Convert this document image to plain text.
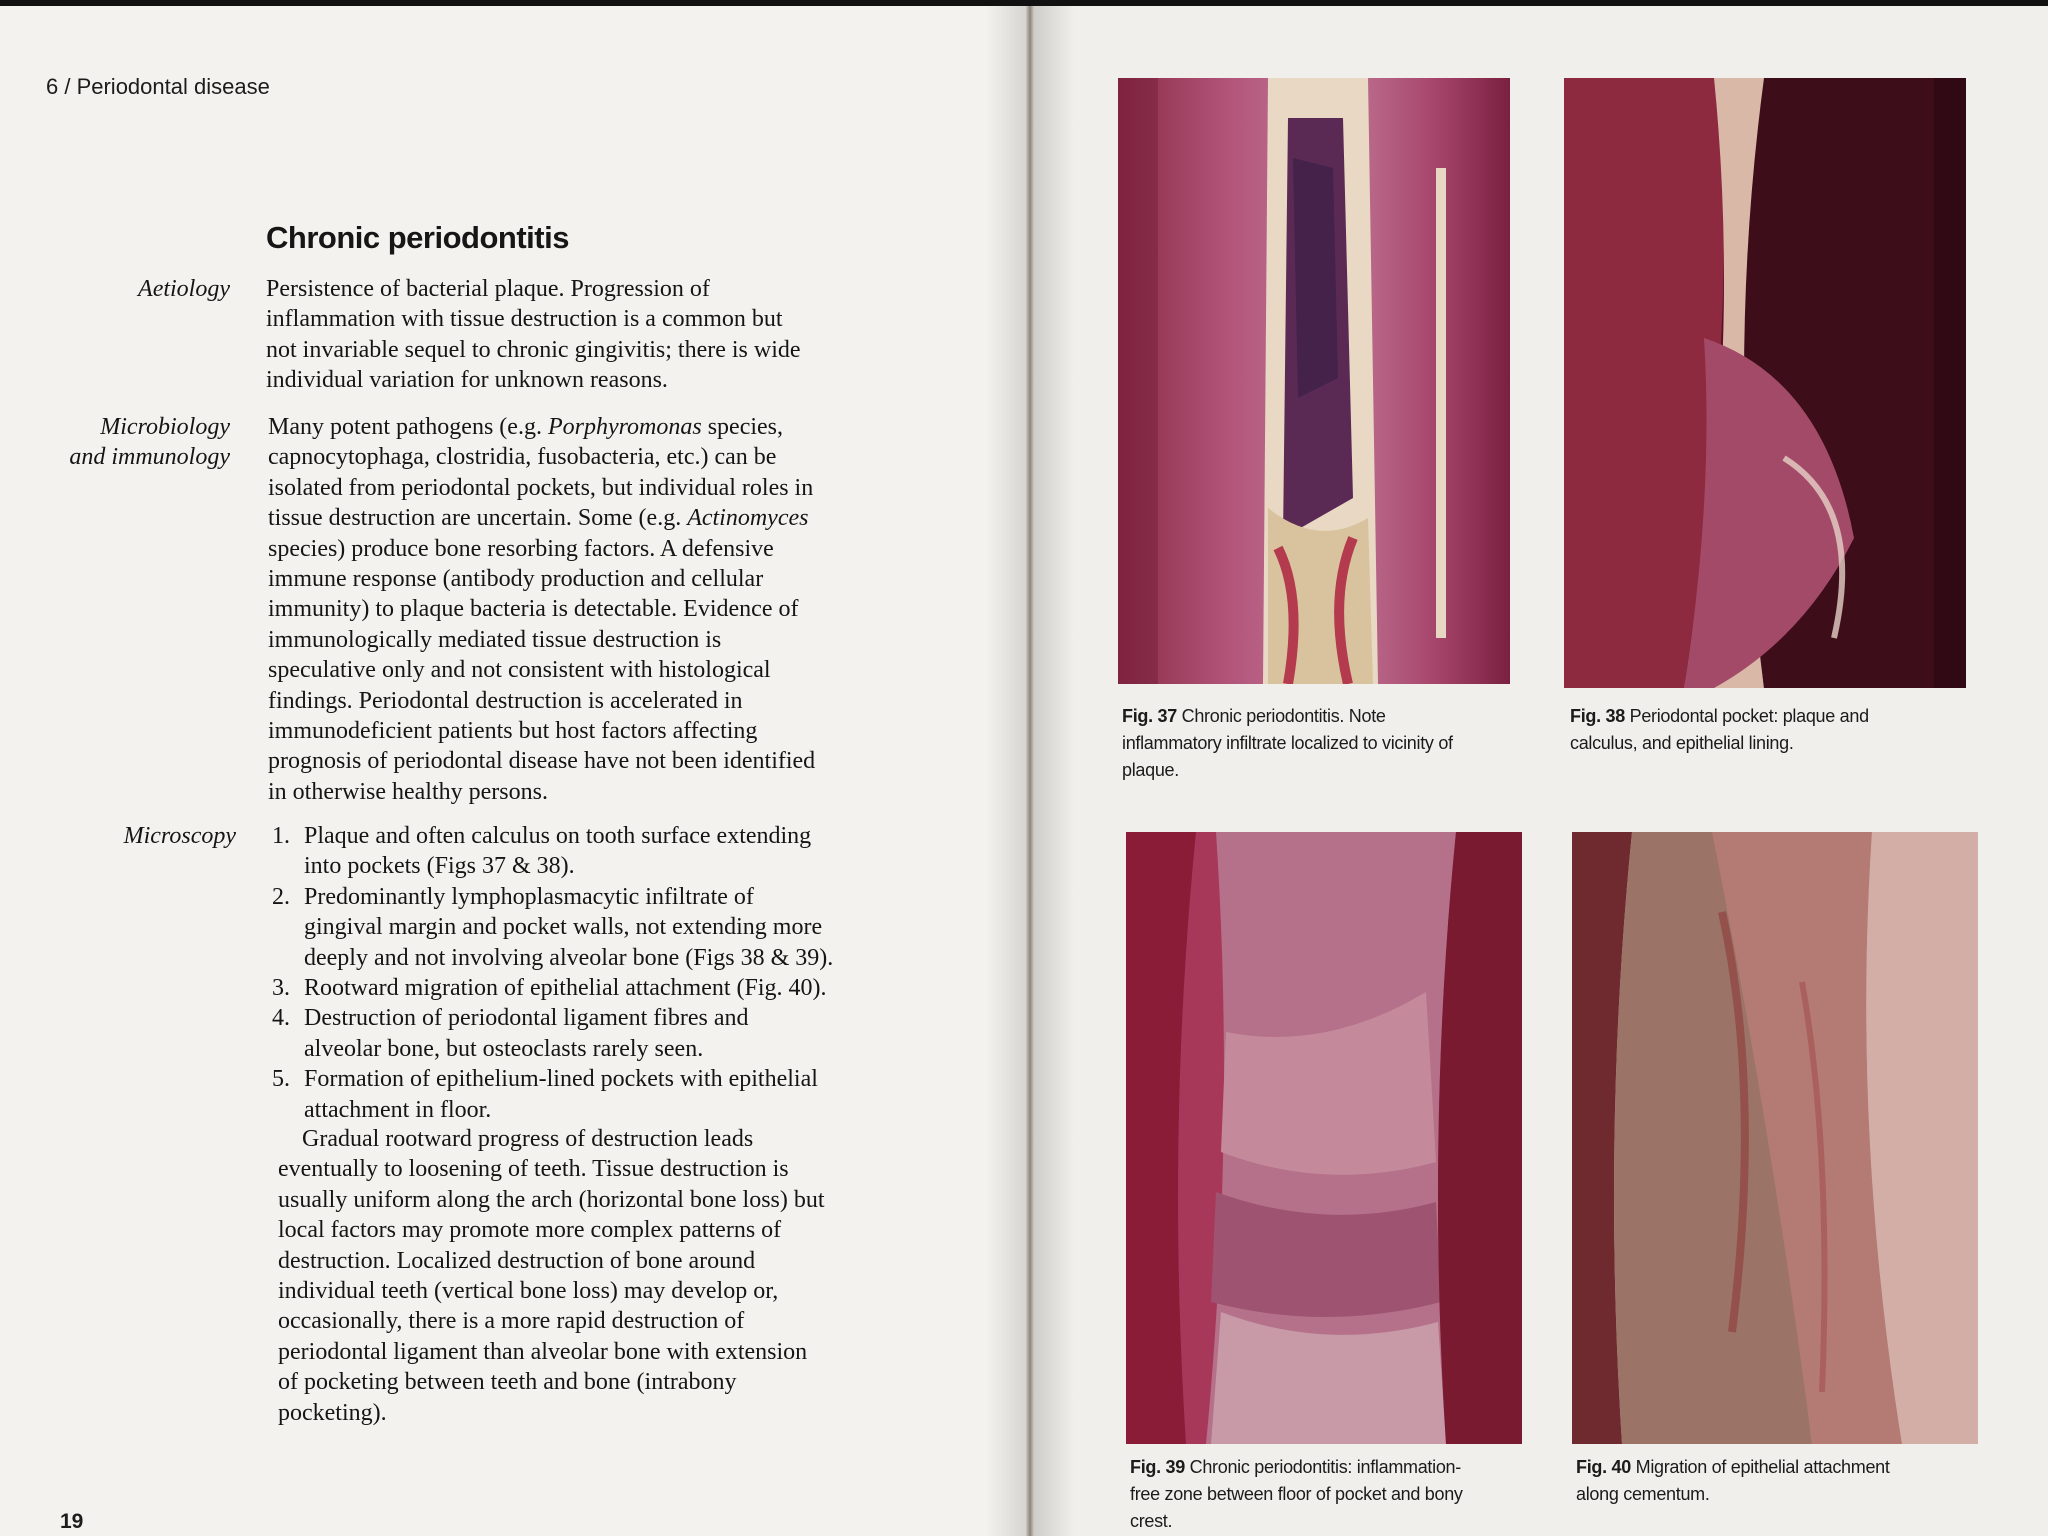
6 / Periodontal disease
Chronic periodontitis
Aetiology Persistence of bacterial plaque. Progression of
inflammation with tissue destruction is a common but
not invariable sequel to chronic gingivitis; there is wide
individual variation for unknown reasons.
Microbiology
and immunology
Many potent pathogens (e.g. Porphyromonas species,
capnocytophaga, clostridia, fusobacteria, etc.) can be
isolated from periodontal pockets, but individual roles in
tissue destruction are uncertain. Some (e.g. Actinomyces
species) produce bone resorbing factors. A defensive
immune response (antibody production and cellular
immunity) to plaque bacteria is detectable. Evidence of
immunologically mediated tissue destruction is
speculative only and not consistent with histological
findings. Periodontal destruction is accelerated in
immunodeficient patients but host factors affecting
prognosis of periodontal disease have not been identified
in otherwise healthy persons.
Microscopy 1. Plaque and often calculus on tooth surface extending
into pockets (Figs 37 & 38).
2. Predominantly lymphoplasmacytic infiltrate of
gingival margin and pocket walls, not extending more
deeply and not involving alveolar bone (Figs 38 & 39).
3. Rootward migration of epithelial attachment (Fig. 40).
4. Destruction of periodontal ligament fibres and
alveolar bone, but osteoclasts rarely seen.
5. Formation of epithelium-lined pockets with epithelial
attachment in floor.
Gradual rootward progress of destruction leads
eventually to loosening of teeth. Tissue destruction is
usually uniform along the arch (horizontal bone loss) but
local factors may promote more complex patterns of
destruction. Localized destruction of bone around
individual teeth (vertical bone loss) may develop or,
occasionally, there is a more rapid destruction of
periodontal ligament than alveolar bone with extension
of pocketing between teeth and bone (intrabony
pocketing).
19
Fig. 37 Chronic periodontitis. Note
inflammatory infiltrate localized to vicinity of
plaque.
Fig. 38 Periodontal pocket: plaque and
calculus, and epithelial lining.
Fig. 39 Chronic periodontitis: inflammation-
free zone between floor of pocket and bony
crest.
Fig. 40 Migration of epithelial attachment
along cementum.
